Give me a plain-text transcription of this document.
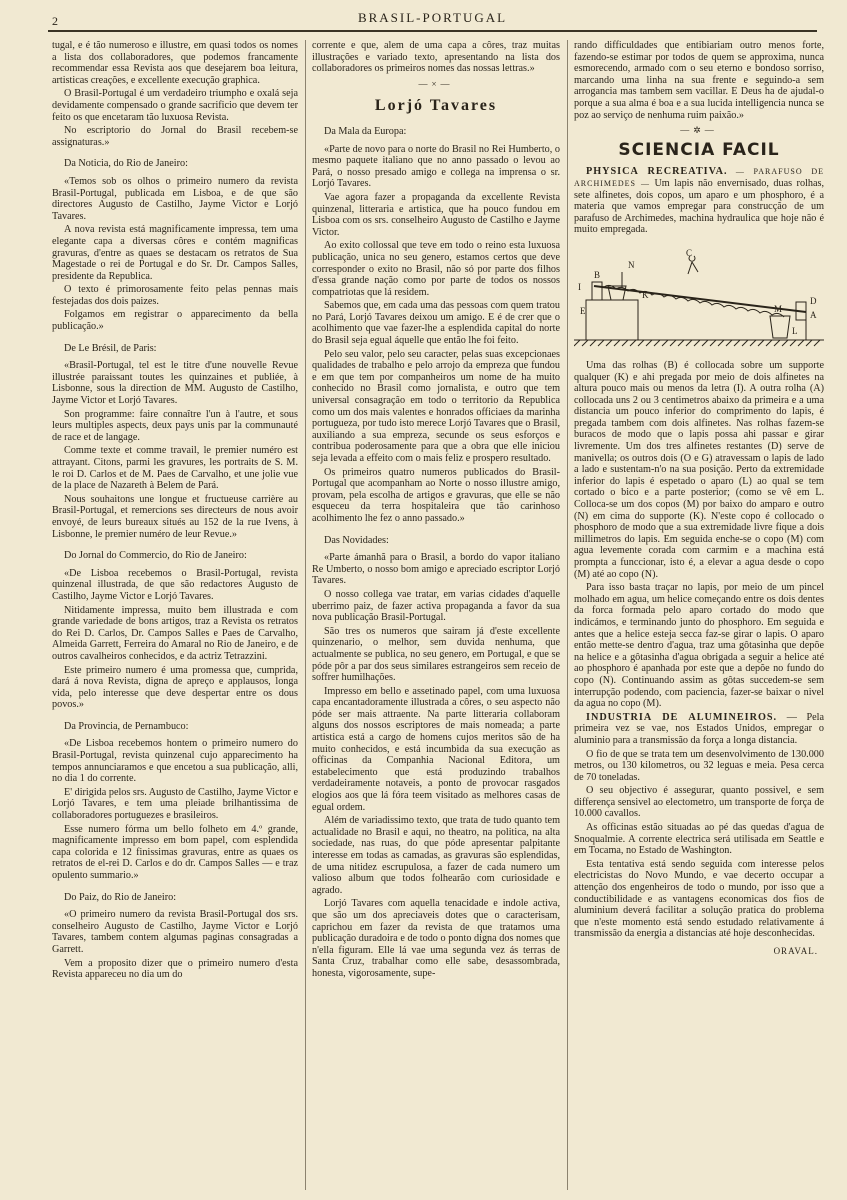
2	BRASIL-PORTUGAL

tugal, e é tão numeroso e illustre, em quasi todos os nomes a lista dos collaboradores, que podemos francamente recommendar essa Revista aos que desejarem boa leitura, artisticas creações, e excellente execução graphica.

O Brasil-Portugal é um verdadeiro triumpho e oxalá seja devidamente compensado o grande sacrificio que devem ter feito os que encetaram tão luxuosa Revista.

No escriptorio do Jornal do Brasil recebem-se assignaturas.»

Da Noticia, do Rio de Janeiro:

«Temos sob os olhos o primeiro numero da revista Brasil-Portugal, publicada em Lisboa, e de que são directores Augusto de Castilho, Jayme Victor e Lorjó Tavares.

A nova revista está magnificamente impressa, tem uma elegante capa a diversas côres e contém magnificas gravuras, d'entre as quaes se destacam os retratos de Sua Magestade o rei de Portugal e do Sr. Dr. Campos Salles, presidente da Republica.

O texto é primorosamente feito pelas pennas mais festejadas dos dois paizes.

Folgamos em registrar o apparecimento da bella publicação.»

De Le Brésil, de Paris:

«Brasil-Portugal, tel est le titre d'une nouvelle Revue illustrée paraissant toutes les quinzaines et publiée, à Lisbonne, sous la direction de MM. Augusto de Castilho, Jayme Victor et Lorjó Tavares.

Son programme: faire connaître l'un à l'autre, et sous leurs multiples aspects, deux pays unis par la communauté de race et de langage.

Comme texte et comme travail, le premier numéro est attrayant. Citons, parmi les gravures, les portraits de S. M. le roi D. Carlos et de M. Paes de Carvalho, et une jolie vue de la place de Nazareth à Belem de Pará.

Nous souhaitons une longue et fructueuse carrière au Brasil-Portugal, et remercions ses directeurs de nous avoir envoyé, de leurs bureaux situés au 152 de la rue Ivens, à Lisbonne, le premier numéro de leur Revue.»

Do Jornal do Commercio, do Rio de Janeiro:

«De Lisboa recebemos o Brasil-Portugal, revista quinzenal illustrada, de que são redactores Augusto de Castilho, Jayme Victor e Lorjó Tavares.

Nitidamente impressa, muito bem illustrada e com grande variedade de bons artigos, traz a Revista os retratos do Rei D. Carlos, Dr. Campos Salles e Paes de Carvalho, Almeida Garrett, Ferreira do Amaral no Rio de Janeiro, e de outros cavalheiros conhecidos, e da actriz Tetrazzini.

Este primeiro numero é uma promessa que, cumprida, dará á nova Revista, digna de apreço e applausos, longa vida, pelo interesse que deve despertar entre os dous povos.»

Da Provincia, de Pernambuco:

«De Lisboa recebemos hontem o primeiro numero do Brasil-Portugal, revista quinzenal cujo apparecimento ha tempos annunciaramos e que encetou a sua publicação, alli, no dia 1 do corrente.

E' dirigida pelos srs. Augusto de Castilho, Jayme Victor e Lorjó Tavares, e tem uma pleiade brilhantissima de collaboradores portuguezes e brasileiros.

Esse numero fórma um bello folheto em 4.º grande, magnificamente impresso em bom papel, com esplendida capa colorida e 12 finissimas gravuras, entre as quaes os retratos de el-rei D. Carlos e do dr. Campos Salles — e traz opulento summario.»

Do Paiz, do Rio de Janeiro:

«O primeiro numero da revista Brasil-Portugal dos srs. conselheiro Augusto de Castilho, Jayme Victor e Lorjó Tavares, tambem contem algumas paginas consagradas a Garrett.

Vem a proposito dizer que o primeiro numero d'esta Revista appareceu no dia um do

corrente e que, alem de uma capa a côres, traz muitas illustrações e variado texto, apresentando na lista dos collaboradores os primeiros nomes das nossas lettras.»

—×—
Lorjó Tavares

Da Mala da Europa:

«Parte de novo para o norte do Brasil no Rei Humberto, o mesmo paquete italiano que no anno passado o levou ao Pará, o nosso presado amigo e collega na imprensa o sr. Lorjó Tavares.

Vae agora fazer a propaganda da excellente Revista quinzenal, litteraria e artistica, que ha pouco fundou em Lisboa com os srs. conselheiro Augusto de Castilho e Jayme Victor.

Ao exito collossal que teve em todo o reino esta luxuosa publicação, unica no seu genero, estamos certos que deve corresponder o exito no Brasil, não só por parte dos filhos d'essa grande nação como por parte de todos os nossos compatriotas que lá residem.

Sabemos que, em cada uma das pessoas com quem tratou no Pará, Lorjó Tavares deixou um amigo. E é de crer que o acolhimento que vae fazer-lhe a esplendida capital do norte do Brasil seja egual áquelle que então lhe foi feito.

Pelo seu valor, pelo seu caracter, pelas suas excepcionaes qualidades de trabalho e pelo arrojo da empreza que fundou e em que tem por companheiros um nome de ha muito conhecido no Brasil como jornalista, e outro que tem universal consagração em todo o territorio da Republica como um dos mais valentes e honrados officiaes da marinha portugueza, por tudo isto merece Lorjó Tavares que o Brasil, auxiliando a sua empreza, secunde os seus esforços e contribua poderosamente para que a obra que elle iniciou seja levada a effeito com o mais feliz e prospero resultado.

Os primeiros quatro numeros publicados do Brasil-Portugal que acompanham ao Norte o nosso illustre amigo, provam, pela escolha de artigos e gravuras, que elle se não esqueceu da terra hospitaleira que tão carinhoso acolhimento lhe fez o anno passado.»

Das Novidades:

«Parte ámanhã para o Brasil, a bordo do vapor italiano Re Umberto, o nosso bom amigo e apreciado escriptor Lorjó Tavares.

O nosso collega vae tratar, em varias cidades d'aquelle uberrimo paiz, de fazer activa propaganda a favor da sua nova publicação Brasil-Portugal.

São tres os numeros que sairam já d'este excellente quinzenario, o melhor, sem duvida nenhuma, que actualmente se publica, no seu genero, em Portugal, e que se póde pôr a par dos seus similares estrangeiros sem receio de soffrer humilhações.

Impresso em bello e assetinado papel, com uma luxuosa capa encantadoramente illustrada a côres, o seu aspecto não póde ser mais attraente. Na parte litteraria collaboram alguns dos nossos escriptores de mais nomeada; a parte artistica está a cargo de homens cujos meritos são de ha muito conhecidos, e está incumbida da sua execução as officinas da Companhia Nacional Editora, um estabelecimento que está produzindo trabalhos verdadeiramente notaveis, a ponto de provocar rasgados elogios aos que lá fóra teem visitado as melhores casas de egual ordem.

Além de variadissimo texto, que trata de tudo quanto tem actualidade no Brasil e aqui, no theatro, na politica, na alta sociedade, nas ruas, do que póde apresentar palpitante interesse em todas as camadas, as gravuras são esplendidas, de uma nitidez escrupulosa, a fazer de cada numero um valioso album que todos folhearão com curiosidade e agrado.

Lorjó Tavares com aquella tenacidade e indole activa, que são um dos apreciaveis dotes que o caracterisam, caprichou em fazer da revista de que tratamos uma publicação duradoira e de todo o ponto digna dos nomes que n'ella figuram. Elle lá vae uma segunda vez ás terras de Santa Cruz, trabalhar como elle sabe, desassombrada, honesta, vigorosamente, supe-

rando difficuldades que entibiariam outro menos forte, fazendo-se estimar por todos de quem se approxima, nunca esmorecendo, armado com o seu eterno e bondoso sorriso, marcando uma linha na sua frente e seguindo-a sem arrogancia mas tambem sem vacillar. E Deus ha de ajudal-o porque a sua alma é boa e a sua lucida intelligencia nunca se poz ao serviço de nenhuma ruim paixão.»

—✲—
SCIENCIA FACIL

PHYSICA RECREATIVA. — PARAFUSO DE ARCHIMEDES — Um lapis não envernisado, duas rolhas, sete alfinetes, dois copos, um aparo e um phosphoro, é a materia que vamos empregar para construcção de um parafuso de Archimedes, machina hydraulica que hoje não é muito empregada.

I
B
E
K
N
C
D
A
L
M

Uma das rolhas (B) é collocada sobre um supporte qualquer (K) e ahi pregada por meio de dois alfinetes na altura pouco mais ou menos da letra (I). A outra rolha (A) collocada uns 2 ou 3 centimetros abaixo da primeira e a uma distancia um pouco inferior do comprimento do lapis, é pregada tambem com dois alfinetes. Nas rolhas fazem-se buracos de modo que o lapis possa ahi passar e girar livremente. Um dos tres alfinetes restantes (D) serve de manivella; os outros dois (O e G) atravessam o lapis de lado a lado e sustentam-n'o na sua posição. Perto da extremidade inferior do lapis é espetado o aparo (L) ao qual se tem cortado o bico e a parte posterior; (como se vê em L. Colloca-se um dos copos (M) por baixo do amparo e outro (N) em cima do supporte (K). N'este copo é collocado o phosphoro de modo que a sua extremidade livre fique a dois millimetros do lapis. Em seguida enche-se o copo (M) com agua levemente corada com carmim e a machina está prompta a funccionar, isto é, a elevar a agua desde o copo (M) até ao copo (N).

Para isso basta traçar no lapis, por meio de um pincel molhado em agua, um helice começando entre os dois dentes da forca formada pelo aparo cortado do modo que indicámos, e terminando junto do phosphoro. Em seguida e antes que a helice esteja secca faz-se girar o lapis. O aparo então mette-se dentro d'agua, traz uma gôtasinha que depõe na helice e a gôtasinha d'agua obrigada a seguir a helice até ao phosphoro é apanhada por este que a depõe no fundo do copo (N). Continuando assim as gôtas succedem-se sem interrupção podendo, com paciencia, fazer-se baixar o nivel da agua no copo (M).

INDUSTRIA DE ALUMINEIROS. — Pela primeira vez se vae, nos Estados Unidos, empregar o aluminio para a transmissão da força a longa distancia.

O fio de que se trata tem um desenvolvimento de 130.000 metros, ou 130 kilometros, ou 32 leguas e meia. Pesa cerca de 70 toneladas.

O seu objectivo é assegurar, quanto possivel, e sem differença sensivel ao electometro, um transporte de força de 10.000 cavallos.

As officinas estão situadas ao pé das quedas d'agua de Snoqualmie. A corrente electrica será utilisada em Seattle e em Tocama, no Estado de Washington.

Esta tentativa está sendo seguida com interesse pelos electricistas do Novo Mundo, e vae decerto occupar a attenção dos engenheiros de todo o mundo, por isso que a conductibilidade e as vantagens economicas dos fios de aluminium deverá facilitar a solução pratica do problema que n'este momento está sendo estudado relativamente á transmissão da energia a distancias até hoje desconhecidas.

ORAVAL.
